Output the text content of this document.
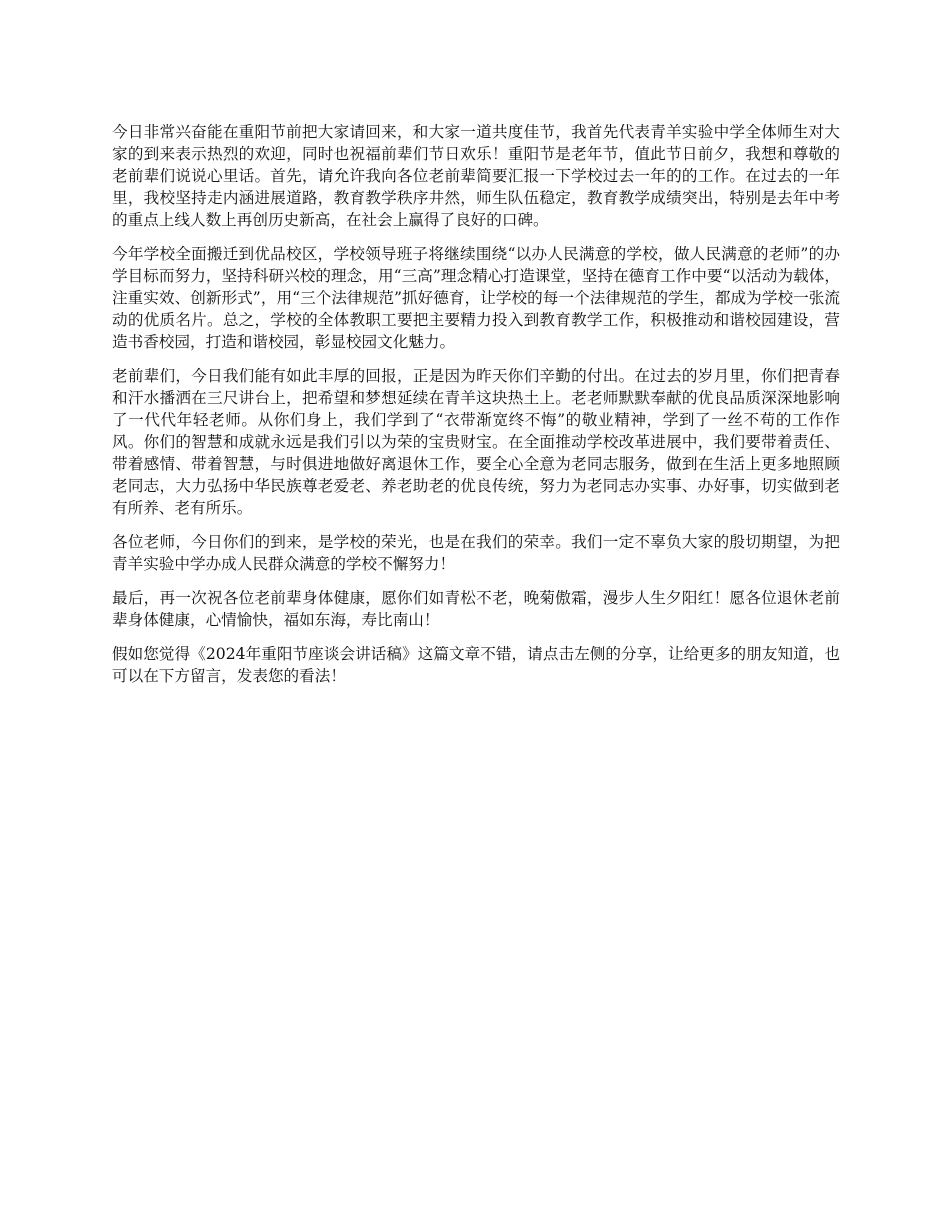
今日非常兴奋能在重阳节前把大家请回来，和大家一道共度佳节，我首先代表青羊实验中学全体师生对大家的到来表示热烈的欢迎，同时也祝福前辈们节日欢乐！重阳节是老年节，值此节日前夕，我想和尊敬的老前辈们说说心里话。首先，请允许我向各位老前辈简要汇报一下学校过去一年的的工作。在过去的一年里，我校坚持走内涵进展道路，教育教学秩序井然，师生队伍稳定，教育教学成绩突出，特别是去年中考的重点上线人数上再创历史新高，在社会上赢得了良好的口碑。

今年学校全面搬迁到优品校区，学校领导班子将继续围绕“以办人民满意的学校，做人民满意的老师”的办学目标而努力，坚持科研兴校的理念，用“三高”理念精心打造课堂，坚持在德育工作中要“以活动为载体，注重实效、创新形式”，用“三个法律规范”抓好德育，让学校的每一个法律规范的学生，都成为学校一张流动的优质名片。总之，学校的全体教职工要把主要精力投入到教育教学工作，积极推动和谐校园建设，营造书香校园，打造和谐校园，彰显校园文化魅力。

老前辈们，今日我们能有如此丰厚的回报，正是因为昨天你们辛勤的付出。在过去的岁月里，你们把青春和汗水播洒在三尺讲台上，把希望和梦想延续在青羊这块热土上。老老师默默奉献的优良品质深深地影响了一代代年轻老师。从你们身上，我们学到了“衣带渐宽终不悔”的敬业精神，学到了一丝不苟的工作作风。你们的智慧和成就永远是我们引以为荣的宝贵财宝。在全面推动学校改革进展中，我们要带着责任、带着感情、带着智慧，与时俱进地做好离退休工作，要全心全意为老同志服务，做到在生活上更多地照顾老同志，大力弘扬中华民族尊老爱老、养老助老的优良传统，努力为老同志办实事、办好事，切实做到老有所养、老有所乐。

各位老师，今日你们的到来，是学校的荣光，也是在我们的荣幸。我们一定不辜负大家的殷切期望，为把青羊实验中学办成人民群众满意的学校不懈努力！

最后，再一次祝各位老前辈身体健康，愿你们如青松不老，晚菊傲霜，漫步人生夕阳红！愿各位退休老前辈身体健康，心情愉快，福如东海，寿比南山！

假如您觉得《2024年重阳节座谈会讲话稿》这篇文章不错，请点击左侧的分享，让给更多的朋友知道，也可以在下方留言，发表您的看法！
